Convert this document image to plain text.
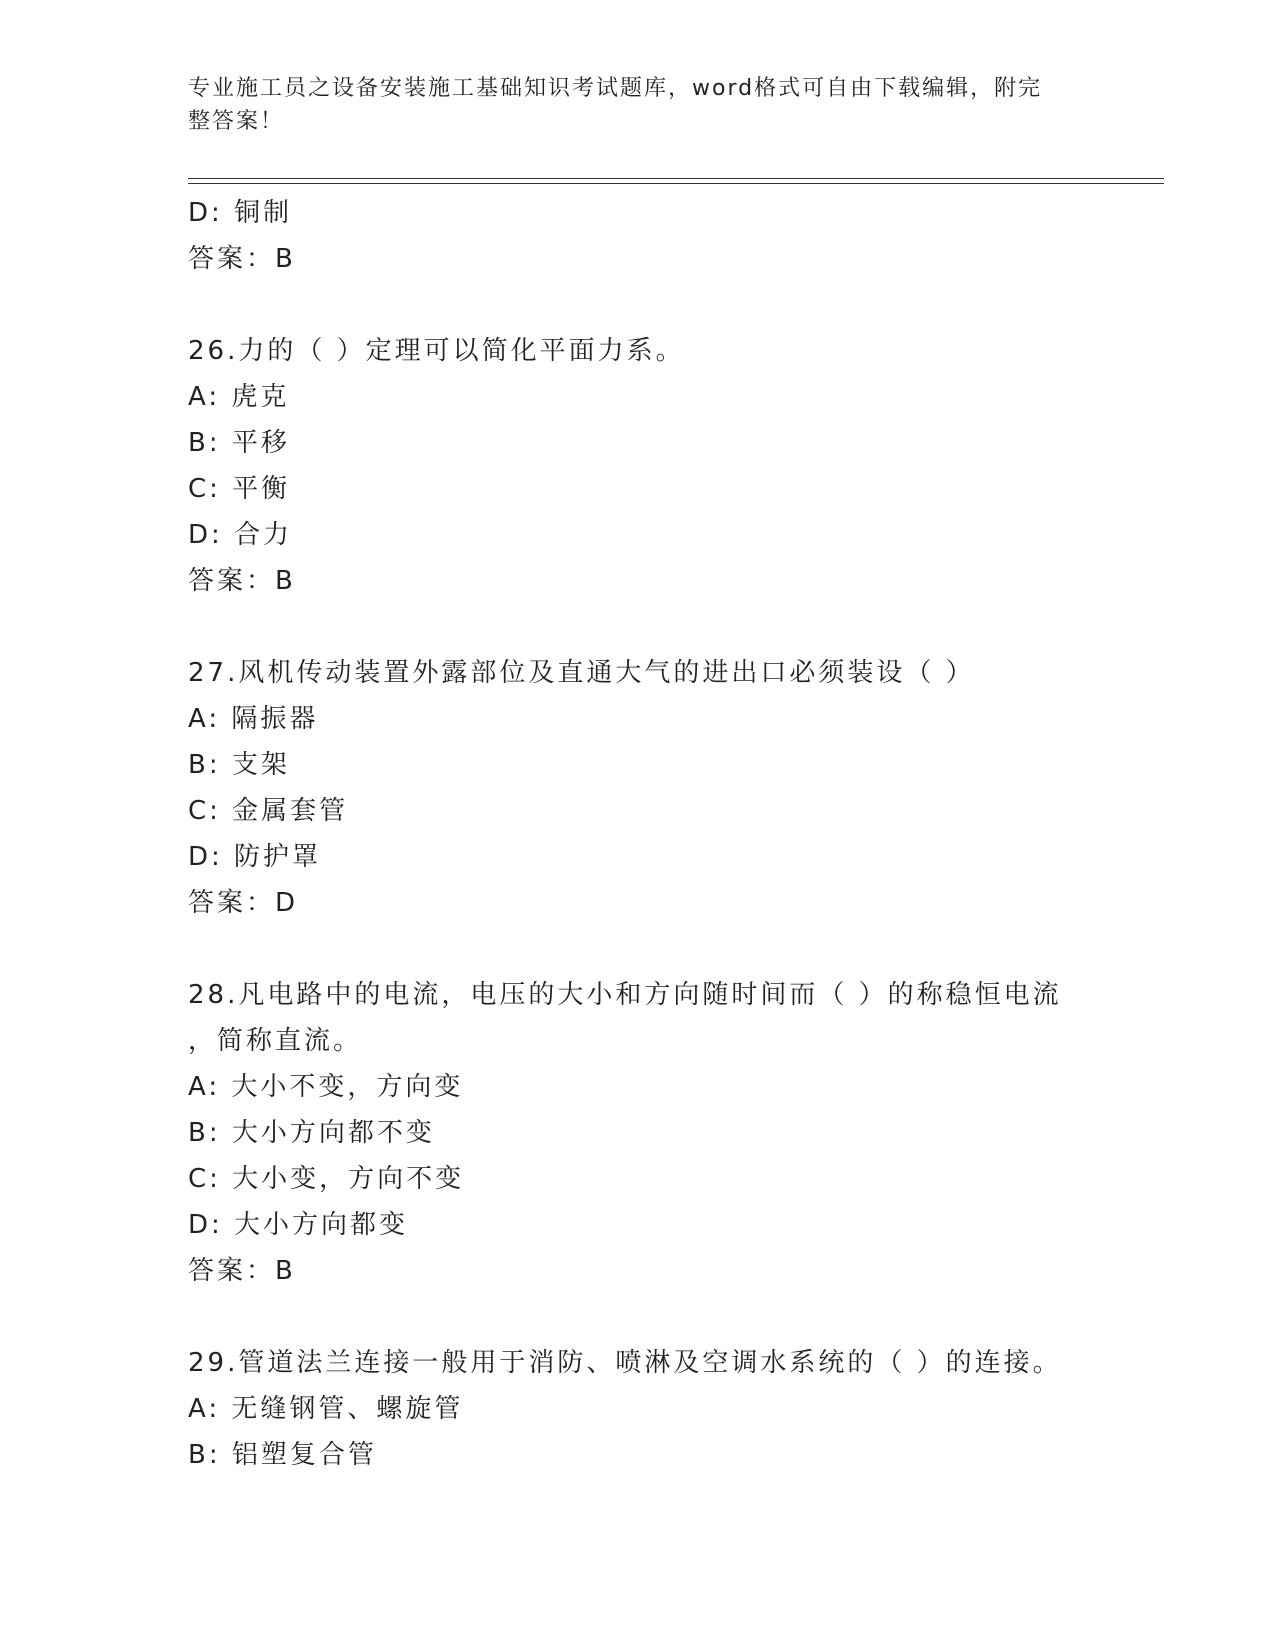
专业施工员之设备安装施工基础知识考试题库，word格式可自由下载编辑，附完
整答案！
D: 铜制
答案：B
26.力的（ ）定理可以简化平面力系。
A: 虎克
B: 平移
C: 平衡
D: 合力
答案：B
27.风机传动装置外露部位及直通大气的进出口必须装设（ ）
A: 隔振器
B: 支架
C: 金属套管
D: 防护罩
答案：D
28.凡电路中的电流，电压的大小和方向随时间而（ ）的称稳恒电流
，简称直流。
A: 大小不变，方向变
B: 大小方向都不变
C: 大小变，方向不变
D: 大小方向都变
答案：B
29.管道法兰连接一般用于消防、喷淋及空调水系统的（ ）的连接。
A: 无缝钢管、螺旋管
B: 铝塑复合管
